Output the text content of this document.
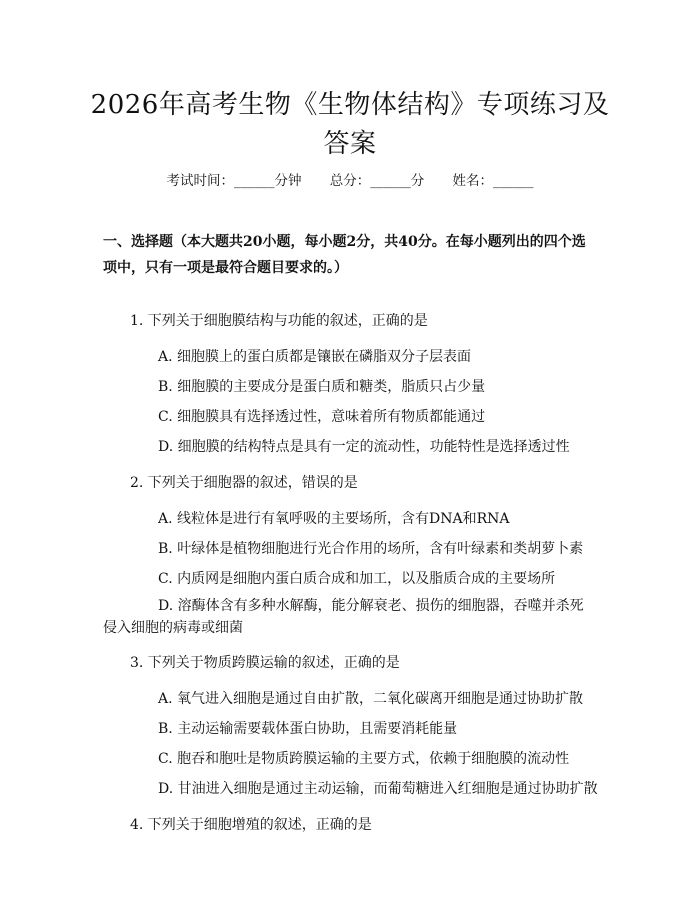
2026年高考生物《生物体结构》专项练习及答案
考试时间：______分钟 总分：______分 姓名：______
一、选择题（本大题共20小题，每小题2分，共40分。在每小题列出的四个选项中，只有一项是最符合题目要求的。）
1. 下列关于细胞膜结构与功能的叙述，正确的是
A. 细胞膜上的蛋白质都是镶嵌在磷脂双分子层表面
B. 细胞膜的主要成分是蛋白质和糖类，脂质只占少量
C. 细胞膜具有选择透过性，意味着所有物质都能通过
D. 细胞膜的结构特点是具有一定的流动性，功能特性是选择透过性
2. 下列关于细胞器的叙述，错误的是
A. 线粒体是进行有氧呼吸的主要场所，含有DNA和RNA
B. 叶绿体是植物细胞进行光合作用的场所，含有叶绿素和类胡萝卜素
C. 内质网是细胞内蛋白质合成和加工，以及脂质合成的主要场所
D. 溶酶体含有多种水解酶，能分解衰老、损伤的细胞器，吞噬并杀死侵入细胞的病毒或细菌
3. 下列关于物质跨膜运输的叙述，正确的是
A. 氧气进入细胞是通过自由扩散，二氧化碳离开细胞是通过协助扩散
B. 主动运输需要载体蛋白协助，且需要消耗能量
C. 胞吞和胞吐是物质跨膜运输的主要方式，依赖于细胞膜的流动性
D. 甘油进入细胞是通过主动运输，而葡萄糖进入红细胞是通过协助扩散
4. 下列关于细胞增殖的叙述，正确的是
